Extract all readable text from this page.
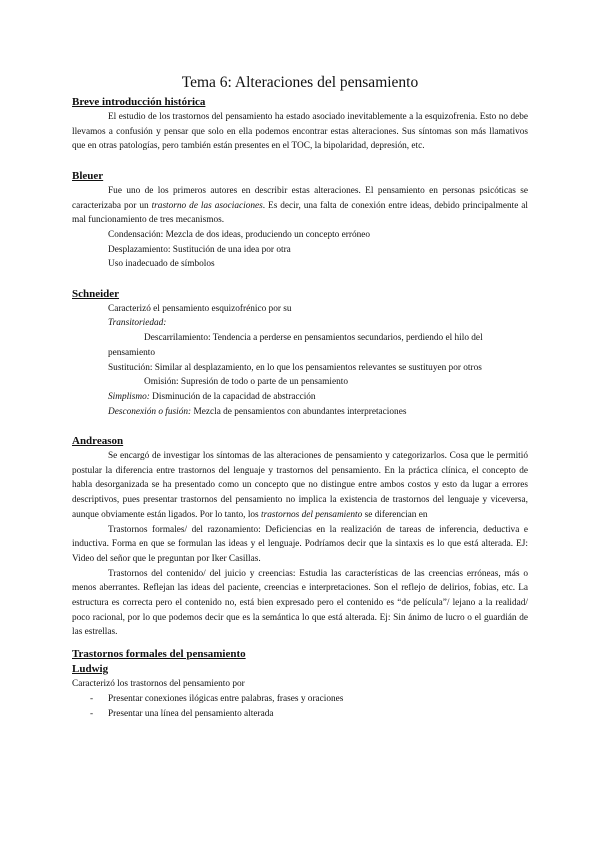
Tema 6: Alteraciones del pensamiento
Breve introducción histórica

El estudio de los trastornos del pensamiento ha estado asociado inevitablemente a la esquizofrenia. Esto no debe llevamos a confusión y pensar que solo en ella podemos encontrar estas alteraciones. Sus síntomas son más llamativos que en otras patologías, pero también están presentes en el TOC, la bipolaridad, depresión, etc.

Bleuer

Fue uno de los primeros autores en describir estas alteraciones. El pensamiento en personas psicóticas se caracterizaba por un trastorno de las asociaciones. Es decir, una falta de conexión entre ideas, debido principalmente al mal funcionamiento de tres mecanismos.

Condensación: Mezcla de dos ideas, produciendo un concepto erróneo

Desplazamiento: Sustitución de una idea por otra

Uso inadecuado de símbolos

Schneider

Caracterizó el pensamiento esquizofrénico por su

Transitoriedad:

Descarrilamiento: Tendencia a perderse en pensamientos secundarios, perdiendo el hilo del pensamiento

Sustitución: Similar al desplazamiento, en lo que los pensamientos relevantes se sustituyen por otros

Omisión: Supresión de todo o parte de un pensamiento

Simplismo: Disminución de la capacidad de abstracción

Desconexión o fusión: Mezcla de pensamientos con abundantes interpretaciones

Andreason

Se encargó de investigar los síntomas de las alteraciones de pensamiento y categorizarlos. Cosa que le permitió postular la diferencia entre trastornos del lenguaje y trastornos del pensamiento. En la práctica clínica, el concepto de habla desorganizada se ha presentado como un concepto que no distingue entre ambos costos y esto da lugar a errores descriptivos, pues presentar trastornos del pensamiento no implica la existencia de trastornos del lenguaje y viceversa, aunque obviamente están ligados. Por lo tanto, los trastornos del pensamiento se diferencian en

Trastornos formales/ del razonamiento: Deficiencias en la realización de tareas de inferencia, deductiva e inductiva. Forma en que se formulan las ideas y el lenguaje. Podríamos decir que la sintaxis es lo que está alterada. EJ: Video del señor que le preguntan por Iker Casillas.

Trastornos del contenido/ del juicio y creencias: Estudia las características de las creencias erróneas, más o menos aberrantes. Reflejan las ideas del paciente, creencias e interpretaciones. Son el reflejo de delirios, fobias, etc. La estructura es correcta pero el contenido no, está bien expresado pero el contenido es “de película”/ lejano a la realidad/ poco racional, por lo que podemos decir que es la semántica lo que está alterada. Ej: Sin ánimo de lucro o el guardián de las estrellas.

Trastornos formales del pensamiento
Ludwig

Caracterizó los trastornos del pensamiento por

- Presentar conexiones ilógicas entre palabras, frases y oraciones
- Presentar una línea del pensamiento alterada
